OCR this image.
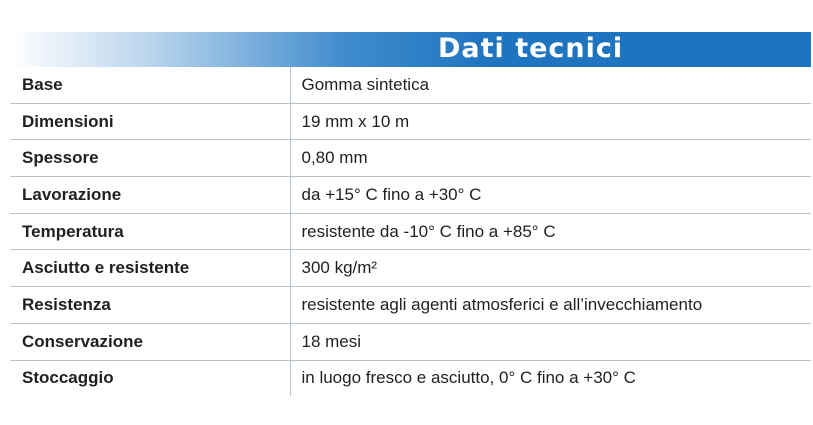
Dati tecnici
Base	Gomma sintetica
Dimensioni	19 mm x 10 m
Spessore	0,80 mm
Lavorazione	da +15° C fino a +30° C
Temperatura	resistente da -10° C fino a +85° C
Asciutto e resistente	300 kg/m²
Resistenza	resistente agli agenti atmosferici e all’invecchiamento
Conservazione	18 mesi
Stoccaggio	in luogo fresco e asciutto, 0° C fino a +30° C
